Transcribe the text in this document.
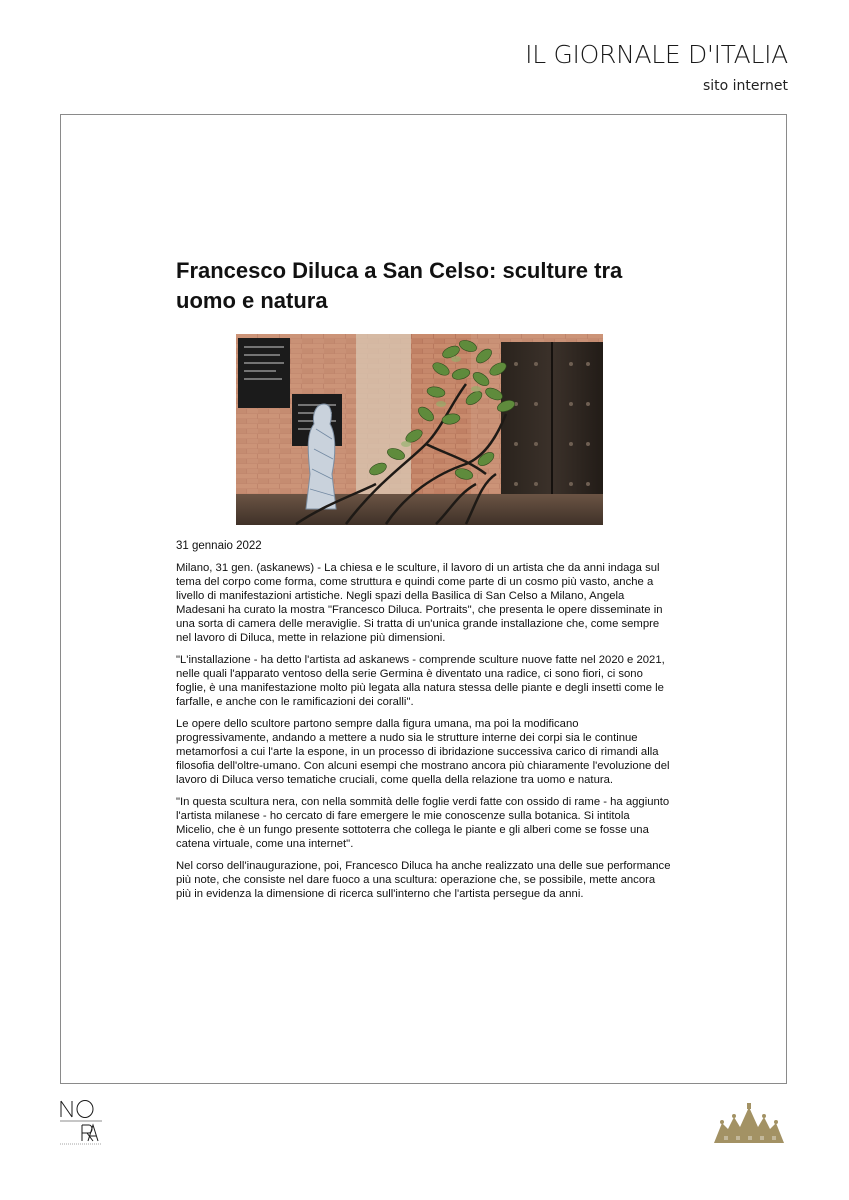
IL GIORNALE D'ITALIA
sito internet
Francesco Diluca a San Celso: sculture tra uomo e natura

31 gennaio 2022

Milano, 31 gen. (askanews) - La chiesa e le sculture, il lavoro di un artista che da anni indaga sul tema del corpo come forma, come struttura e quindi come parte di un cosmo più vasto, anche a livello di manifestazioni artistiche. Negli spazi della Basilica di San Celso a Milano, Angela Madesani ha curato la mostra "Francesco Diluca. Portraits", che presenta le opere disseminate in una sorta di camera delle meraviglie. Si tratta di un'unica grande installazione che, come sempre nel lavoro di Diluca, mette in relazione più dimensioni.

"L'installazione - ha detto l'artista ad askanews - comprende sculture nuove fatte nel 2020 e 2021, nelle quali l'apparato ventoso della serie Germina è diventato una radice, ci sono fiori, ci sono foglie, è una manifestazione molto più legata alla natura stessa delle piante e degli insetti come le farfalle, e anche con le ramificazioni dei coralli".

Le opere dello scultore partono sempre dalla figura umana, ma poi la modificano progressivamente, andando a mettere a nudo sia le strutture interne dei corpi sia le continue metamorfosi a cui l'arte la espone, in un processo di ibridazione successiva carico di rimandi alla filosofia dell'oltre-umano. Con alcuni esempi che mostrano ancora più chiaramente l'evoluzione del lavoro di Diluca verso tematiche cruciali, come quella della relazione tra uomo e natura.

"In questa scultura nera, con nella sommità delle foglie verdi fatte con ossido di rame - ha aggiunto l'artista milanese - ho cercato di fare emergere le mie conoscenze sulla botanica. Si intitola Micelio, che è un fungo presente sottoterra che collega le piante e gli alberi come se fosse una catena virtuale, come una internet".

Nel corso dell'inaugurazione, poi, Francesco Diluca ha anche realizzato una delle sue performance più note, che consiste nel dare fuoco a una scultura: operazione che, se possibile, mette ancora più in evidenza la dimensione di ricerca sull'interno che l'artista persegue da anni.
